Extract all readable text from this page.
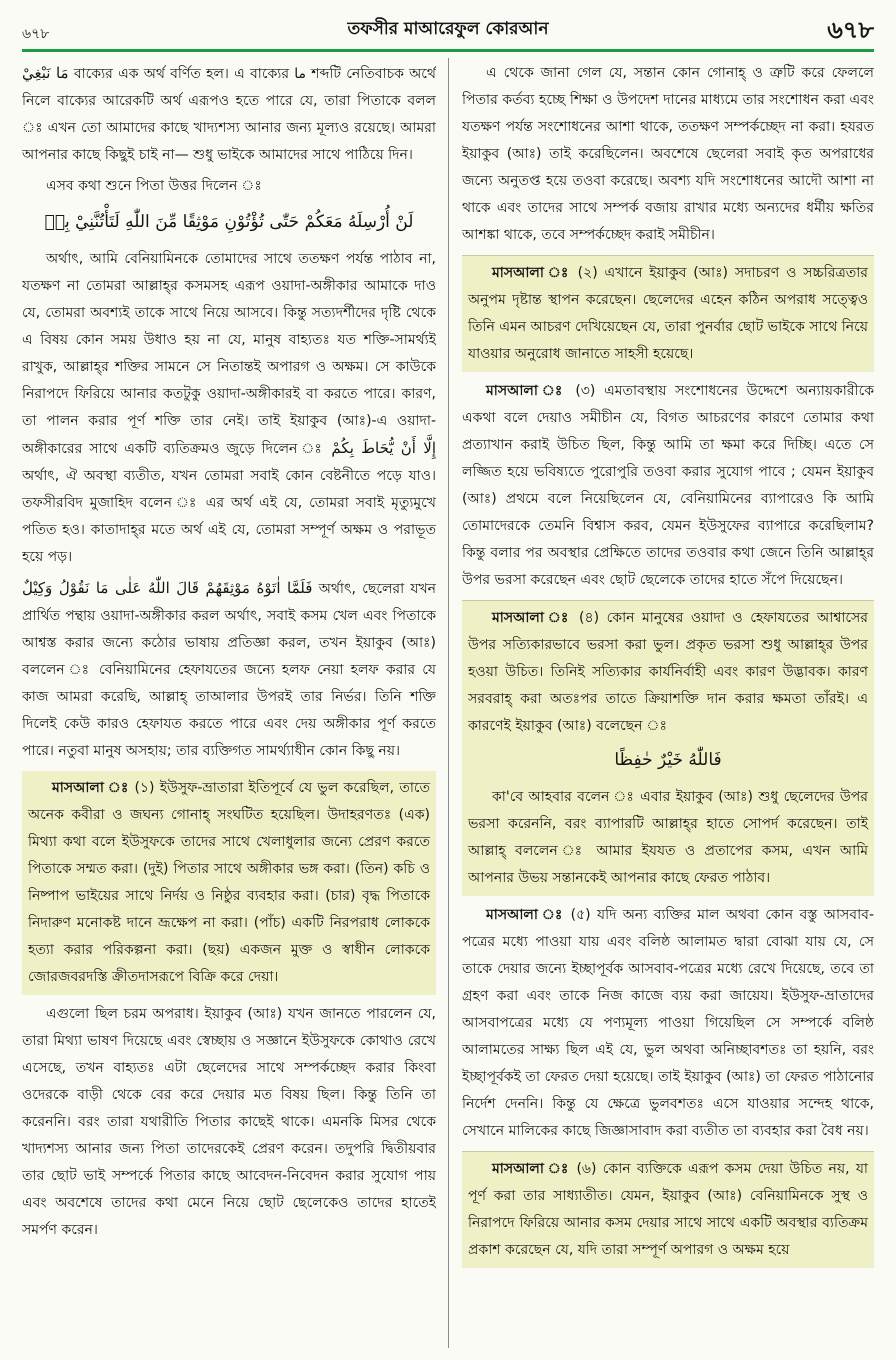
৬৭৮	তফসীর মাআরেফুল কোরআন	৬৭৮

مَا نَبْغِيْ বাক্যের এক অর্থ বর্ণিত হল। এ বাক্যের ما শব্দটি নেতিবাচক অর্থে নিলে বাক্যের আরেকটি অর্থ এরূপও হতে পারে যে, তারা পিতাকে বলল ঃ এখন তো আমাদের কাছে খাদ্যশস্য আনার জন্য মূল্যও রয়েছে। আমরা আপনার কাছে কিছুই চাই না— শুধু ভাইকে আমাদের সাথে পাঠিয়ে দিন।

এসব কথা শুনে পিতা উত্তর দিলেন ঃ

لَنْ أُرْسِلَهُ مَعَكُمْ حَتّٰى تُؤْتُوْنِ مَوْثِقًا مِّنَ اللّٰهِ لَتَأْتُنَّنِيْ بِهٖ

অর্থাৎ, আমি বেনিয়ামিনকে তোমাদের সাথে ততক্ষণ পর্যন্ত পাঠাব না, যতক্ষণ না তোমরা আল্লাহ্‌র কসমসহ এরূপ ওয়াদা-অঙ্গীকার আমাকে দাও যে, তোমরা অবশ্যই তাকে সাথে নিয়ে আসবে। কিন্তু সত্যদর্শীদের দৃষ্টি থেকে এ বিষয় কোন সময় উধাও হয় না যে, মানুষ বাহ্যতঃ যত শক্তি-সামর্থ্যই রাখুক, আল্লাহ্‌র শক্তির সামনে সে নিতান্তই অপারগ ও অক্ষম। সে কাউকে নিরাপদে ফিরিয়ে আনার কতটুকু ওয়াদা-অঙ্গীকারই বা করতে পারে। কারণ, তা পালন করার পূর্ণ শক্তি তার নেই। তাই ইয়াকুব (আঃ)-এ ওয়াদা-অঙ্গীকারের সাথে একটি ব্যতিক্রমও জুড়ে দিলেন ঃ إِلَّا أَنْ يُّحَاطَ بِكُمْ অর্থাৎ, ঐ অবস্থা ব্যতীত, যখন তোমরা সবাই কোন বেষ্টনীতে পড়ে যাও। তফসীরবিদ মুজাহিদ বলেন ঃ এর অর্থ এই যে, তোমরা সবাই মৃত্যুমুখে পতিত হও। কাতাদাহ্‌র মতে অর্থ এই যে, তোমরা সম্পূর্ণ অক্ষম ও পরাভূত হয়ে পড়।

فَلَمَّا اٰتَوْهُ مَوْثِقَهُمْ قَالَ اللّٰهُ عَلٰى مَا نَقُوْلُ وَكِيْلٌ অর্থাৎ, ছেলেরা যখন প্রার্থিত পন্থায় ওয়াদা-অঙ্গীকার করল অর্থাৎ, সবাই কসম খেল এবং পিতাকে আশ্বস্ত করার জন্যে কঠোর ভাষায় প্রতিজ্ঞা করল, তখন ইয়াকুব (আঃ) বললেন ঃ বেনিয়ামিনের হেফাযতের জন্যে হলফ নেয়া হলফ করার যে কাজ আমরা করেছি, আল্লাহ্‌ তাআলার উপরই তার নির্ভর। তিনি শক্তি দিলেই কেউ কারও হেফাযত করতে পারে এবং দেয় অঙ্গীকার পূর্ণ করতে পারে। নতুবা মানুষ অসহায়; তার ব্যক্তিগত সামর্থ্যাধীন কোন কিছু নয়।

মাসআলা ঃ (১) ইউসুফ-ভ্রাতারা ইতিপূর্বে যে ভুল করেছিল, তাতে অনেক কবীরা ও জঘন্য গোনাহ্‌ সংঘটিত হয়েছিল। উদাহরণতঃ (এক) মিথ্যা কথা বলে ইউসুফকে তাদের সাথে খেলাধুলার জন্যে প্রেরণ করতে পিতাকে সম্মত করা। (দুই) পিতার সাথে অঙ্গীকার ভঙ্গ করা। (তিন) কচি ও নিষ্পাপ ভাইয়ের সাথে নির্দয় ও নিষ্ঠুর ব্যবহার করা। (চার) বৃদ্ধ পিতাকে নিদারুণ মনোকষ্ট দানে ভ্রূক্ষেপ না করা। (পাঁচ) একটি নিরপরাধ লোককে হত্যা করার পরিকল্পনা করা। (ছয়) একজন মুক্ত ও স্বাধীন লোককে জোরজবরদস্তি ক্রীতদাসরূপে বিক্রি করে দেয়া।

এগুলো ছিল চরম অপরাধ। ইয়াকুব (আঃ) যখন জানতে পারলেন যে, তারা মিথ্যা ভাষণ দিয়েছে এবং স্বেচ্ছায় ও সজ্ঞানে ইউসুফকে কোথাও রেখে এসেছে, তখন বাহ্যতঃ এটা ছেলেদের সাথে সম্পর্কচ্ছেদ করার কিংবা ওদেরকে বাড়ী থেকে বের করে দেয়ার মত বিষয় ছিল। কিন্তু তিনি তা করেননি। বরং তারা যথারীতি পিতার কাছেই থাকে। এমনকি মিসর থেকে খাদ্যশস্য আনার জন্য পিতা তাদেরকেই প্রেরণ করেন। তদুপরি দ্বিতীয়বার তার ছোট ভাই সম্পর্কে পিতার কাছে আবেদন-নিবেদন করার সুযোগ পায় এবং অবশেষে তাদের কথা মেনে নিয়ে ছোট ছেলেকেও তাদের হাতেই সমর্পণ করেন।

এ থেকে জানা গেল যে, সন্তান কোন গোনাহ্‌ ও ত্রুটি করে ফেললে পিতার কর্তব্য হচ্ছে শিক্ষা ও উপদেশ দানের মাধ্যমে তার সংশোধন করা এবং যতক্ষণ পর্যন্ত সংশোধনের আশা থাকে, ততক্ষণ সম্পর্কচ্ছেদ না করা। হযরত ইয়াকুব (আঃ) তাই করেছিলেন। অবশেষে ছেলেরা সবাই কৃত অপরাধের জন্যে অনুতপ্ত হয়ে তওবা করেছে। অবশ্য যদি সংশোধনের আদৌ আশা না থাকে এবং তাদের সাথে সম্পর্ক বজায় রাখার মধ্যে অন্যদের ধর্মীয় ক্ষতির আশঙ্কা থাকে, তবে সম্পর্কচ্ছেদ করাই সমীচীন।

মাসআলা ঃ (২) এখানে ইয়াকুব (আঃ) সদাচরণ ও সচ্চরিত্রতার অনুপম দৃষ্টান্ত স্থাপন করেছেন। ছেলেদের এহেন কঠিন অপরাধ সত্ত্বেও তিনি এমন আচরণ দেখিয়েছেন যে, তারা পুনর্বার ছোট ভাইকে সাথে নিয়ে যাওয়ার অনুরোধ জানাতে সাহসী হয়েছে।

মাসআলা ঃ (৩) এমতাবস্থায় সংশোধনের উদ্দেশে অন্যায়কারীকে একথা বলে দেয়াও সমীচীন যে, বিগত আচরণের কারণে তোমার কথা প্রত্যাখান করাই উচিত ছিল, কিন্তু আমি তা ক্ষমা করে দিচ্ছি। এতে সে লজ্জিত হয়ে ভবিষ্যতে পুরোপুরি তওবা করার সুযোগ পাবে ; যেমন ইয়াকুব (আঃ) প্রথমে বলে নিয়েছিলেন যে, বেনিয়ামিনের ব্যাপারেও কি আমি তোমাদেরকে তেমনি বিশ্বাস করব, যেমন ইউসুফের ব্যাপারে করেছিলাম? কিন্তু বলার পর অবস্থার প্রেক্ষিতে তাদের তওবার কথা জেনে তিনি আল্লাহ্‌র উপর ভরসা করেছেন এবং ছোট ছেলেকে তাদের হাতে সঁপে দিয়েছেন।

মাসআলা ঃ (৪) কোন মানুষের ওয়াদা ও হেফাযতের আশ্বাসের উপর সত্যিকারভাবে ভরসা করা ভুল। প্রকৃত ভরসা শুধু আল্লাহ্‌র উপর হওয়া উচিত। তিনিই সত্যিকার কার্যনির্বাহী এবং কারণ উদ্ভাবক। কারণ সরবরাহ্‌ করা অতঃপর তাতে ক্রিয়াশক্তি দান করার ক্ষমতা তাঁরই। এ কারণেই ইয়াকুব (আঃ) বলেছেন ঃ

فَاللّٰهُ خَيْرٌ حٰفِظًا

কা'বে আহবার বলেন ঃ এবার ইয়াকুব (আঃ) শুধু ছেলেদের উপর ভরসা করেননি, বরং ব্যাপারটি আল্লাহ্‌র হাতে সোপর্দ করেছেন। তাই আল্লাহ্‌ বললেন ঃ আমার ইযযত ও প্রতাপের কসম, এখন আমি আপনার উভয় সন্তানকেই আপনার কাছে ফেরত পাঠাব।

মাসআলা ঃ (৫) যদি অন্য ব্যক্তির মাল অথবা কোন বস্তু আসবাব-পত্রের মধ্যে পাওয়া যায় এবং বলিষ্ঠ আলামত দ্বারা বোঝা যায় যে, সে তাকে দেয়ার জন্যে ইচ্ছাপূর্বক আসবাব-পত্রের মধ্যে রেখে দিয়েছে, তবে তা গ্রহণ করা এবং তাকে নিজ কাজে ব্যয় করা জায়েয। ইউসুফ-ভ্রাতাদের আসবাপত্রের মধ্যে যে পণ্যমূল্য পাওয়া গিয়েছিল সে সম্পর্কে বলিষ্ঠ আলামতের সাক্ষ্য ছিল এই যে, ভুল অথবা অনিচ্ছাবশতঃ তা হয়নি, বরং ইচ্ছাপূর্বকই তা ফেরত দেয়া হয়েছে। তাই ইয়াকুব (আঃ) তা ফেরত পাঠানোর নির্দেশ দেননি। কিন্তু যে ক্ষেত্রে ভুলবশতঃ এসে যাওয়ার সন্দেহ থাকে, সেখানে মালিকের কাছে জিজ্ঞাসাবাদ করা ব্যতীত তা ব্যবহার করা বৈধ নয়।

মাসআলা ঃ (৬) কোন ব্যক্তিকে এরূপ কসম দেয়া উচিত নয়, যা পূর্ণ করা তার সাধ্যাতীত। যেমন, ইয়াকুব (আঃ) বেনিয়ামিনকে সুস্থ ও নিরাপদে ফিরিয়ে আনার কসম দেয়ার সাথে সাথে একটি অবস্থার ব্যতিক্রম প্রকাশ করেছেন যে, যদি তারা সম্পূর্ণ অপারগ ও অক্ষম হয়ে
